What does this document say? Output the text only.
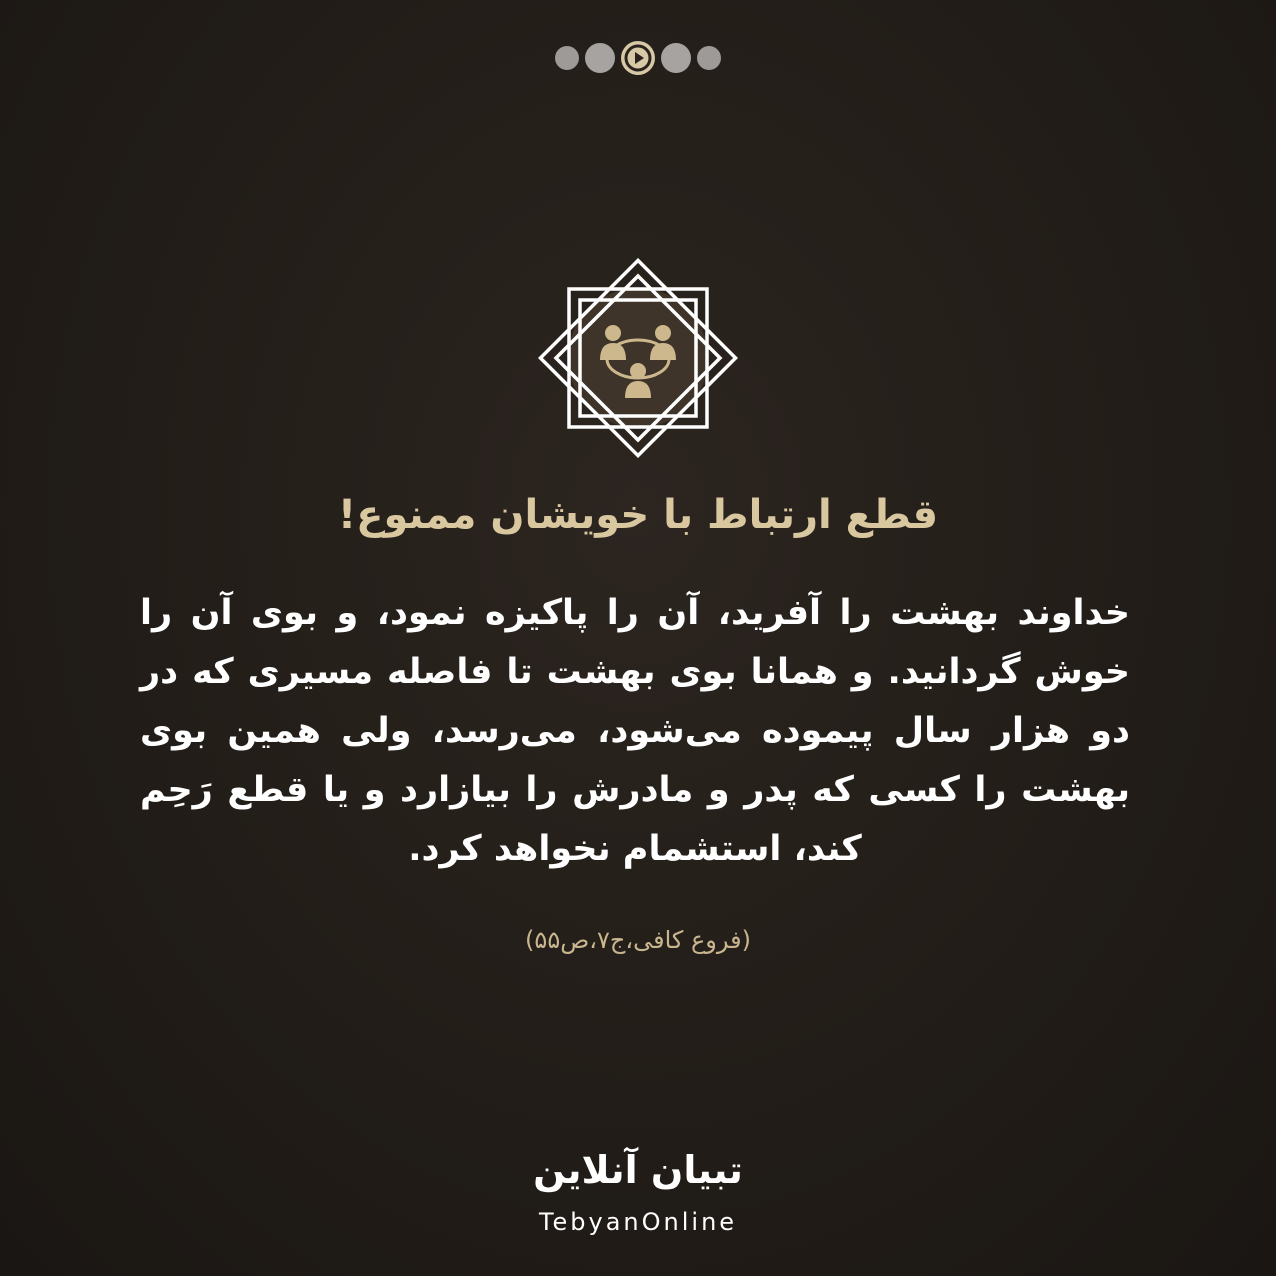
قطع ارتباط با خویشان ممنوع!

خداوند بهشت را آفرید، آن را پاکیزه نمود، و بوی آن را خوش گردانید. و همانا بوی بهشت تا فاصله مسیری که در دو هزار سال پیموده می‌شود، می‌رسد، ولی همین بوی بهشت را کسی که پدر و مادرش را بیازارد و یا قطع رَحِم کند، استشمام نخواهد کرد.

(فروع کافی،ج۷،ص۵۵)

تبیان آنلاین
TebyanOnline
